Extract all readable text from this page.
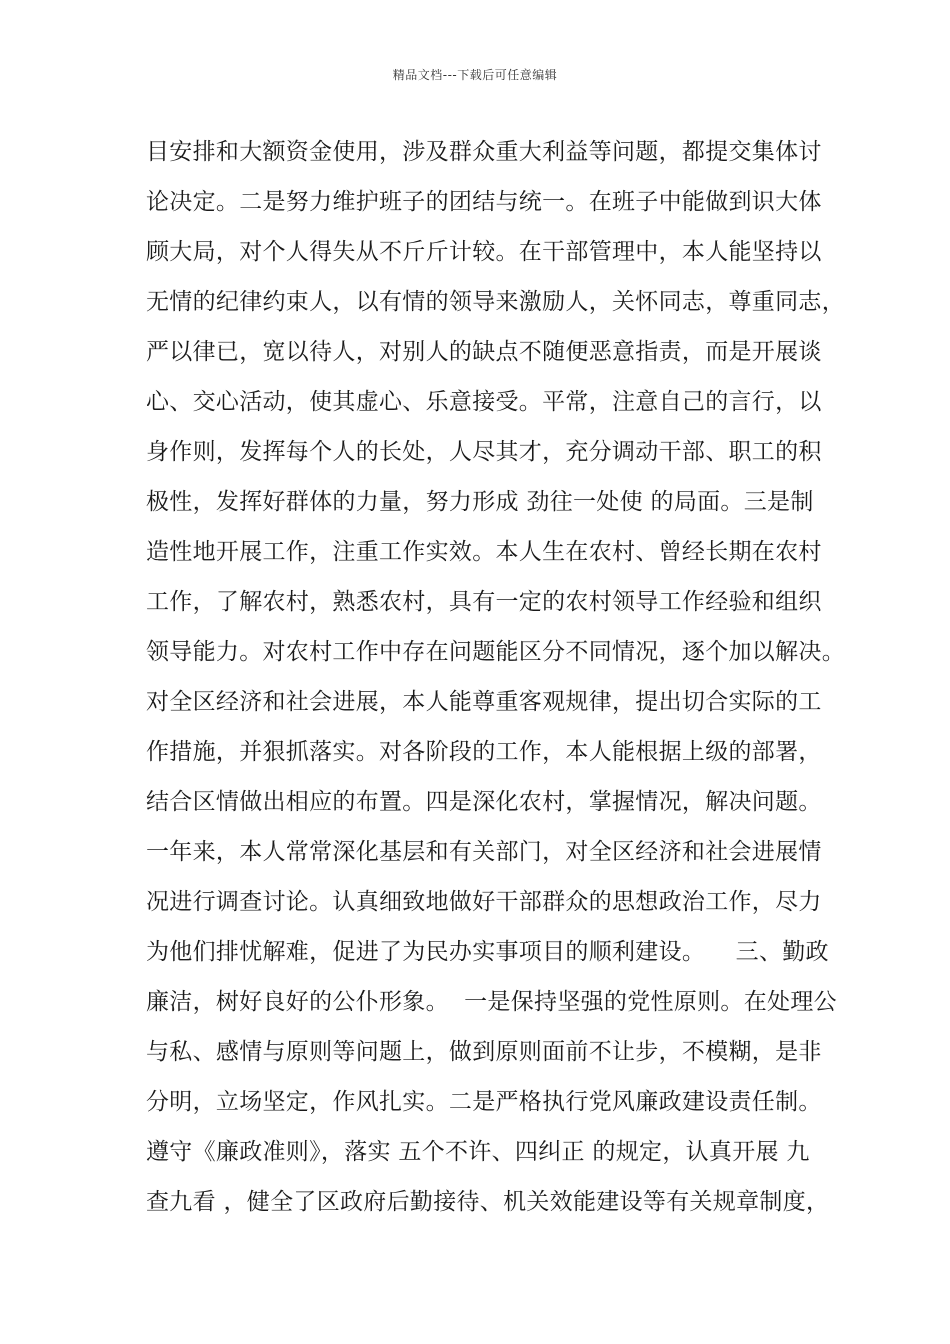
精品文档---下载后可任意编辑
目安排和大额资金使用，涉及群众重大利益等问题，都提交集体讨
论决定。二是努力维护班子的团结与统一。在班子中能做到识大体
顾大局，对个人得失从不斤斤计较。在干部管理中，本人能坚持以
无情的纪律约束人，以有情的领导来激励人，关怀同志，尊重同志，
严以律已，宽以待人，对别人的缺点不随便恶意指责，而是开展谈
心、交心活动，使其虚心、乐意接受。平常，注意自己的言行，以
身作则，发挥每个人的长处，人尽其才，充分调动干部、职工的积
极性，发挥好群体的力量，努力形成 劲往一处使 的局面。三是制
造性地开展工作，注重工作实效。本人生在农村、曾经长期在农村
工作，了解农村，熟悉农村，具有一定的农村领导工作经验和组织
领导能力。对农村工作中存在问题能区分不同情况，逐个加以解决。
对全区经济和社会进展，本人能尊重客观规律，提出切合实际的工
作措施，并狠抓落实。对各阶段的工作，本人能根据上级的部署，
结合区情做出相应的布置。四是深化农村，掌握情况，解决问题。
一年来，本人常常深化基层和有关部门，对全区经济和社会进展情
况进行调查讨论。认真细致地做好干部群众的思想政治工作，尽力
为他们排忧解难，促进了为民办实事项目的顺利建设。    三、勤政
廉洁，树好良好的公仆形象。  一是保持坚强的党性原则。在处理公
与私、感情与原则等问题上，做到原则面前不让步，不模糊，是非
分明，立场坚定，作风扎实。二是严格执行党风廉政建设责任制。
遵守《廉政准则》，落实 五个不许、四纠正 的规定，认真开展 九
查九看 ，健全了区政府后勤接待、机关效能建设等有关规章制度，
